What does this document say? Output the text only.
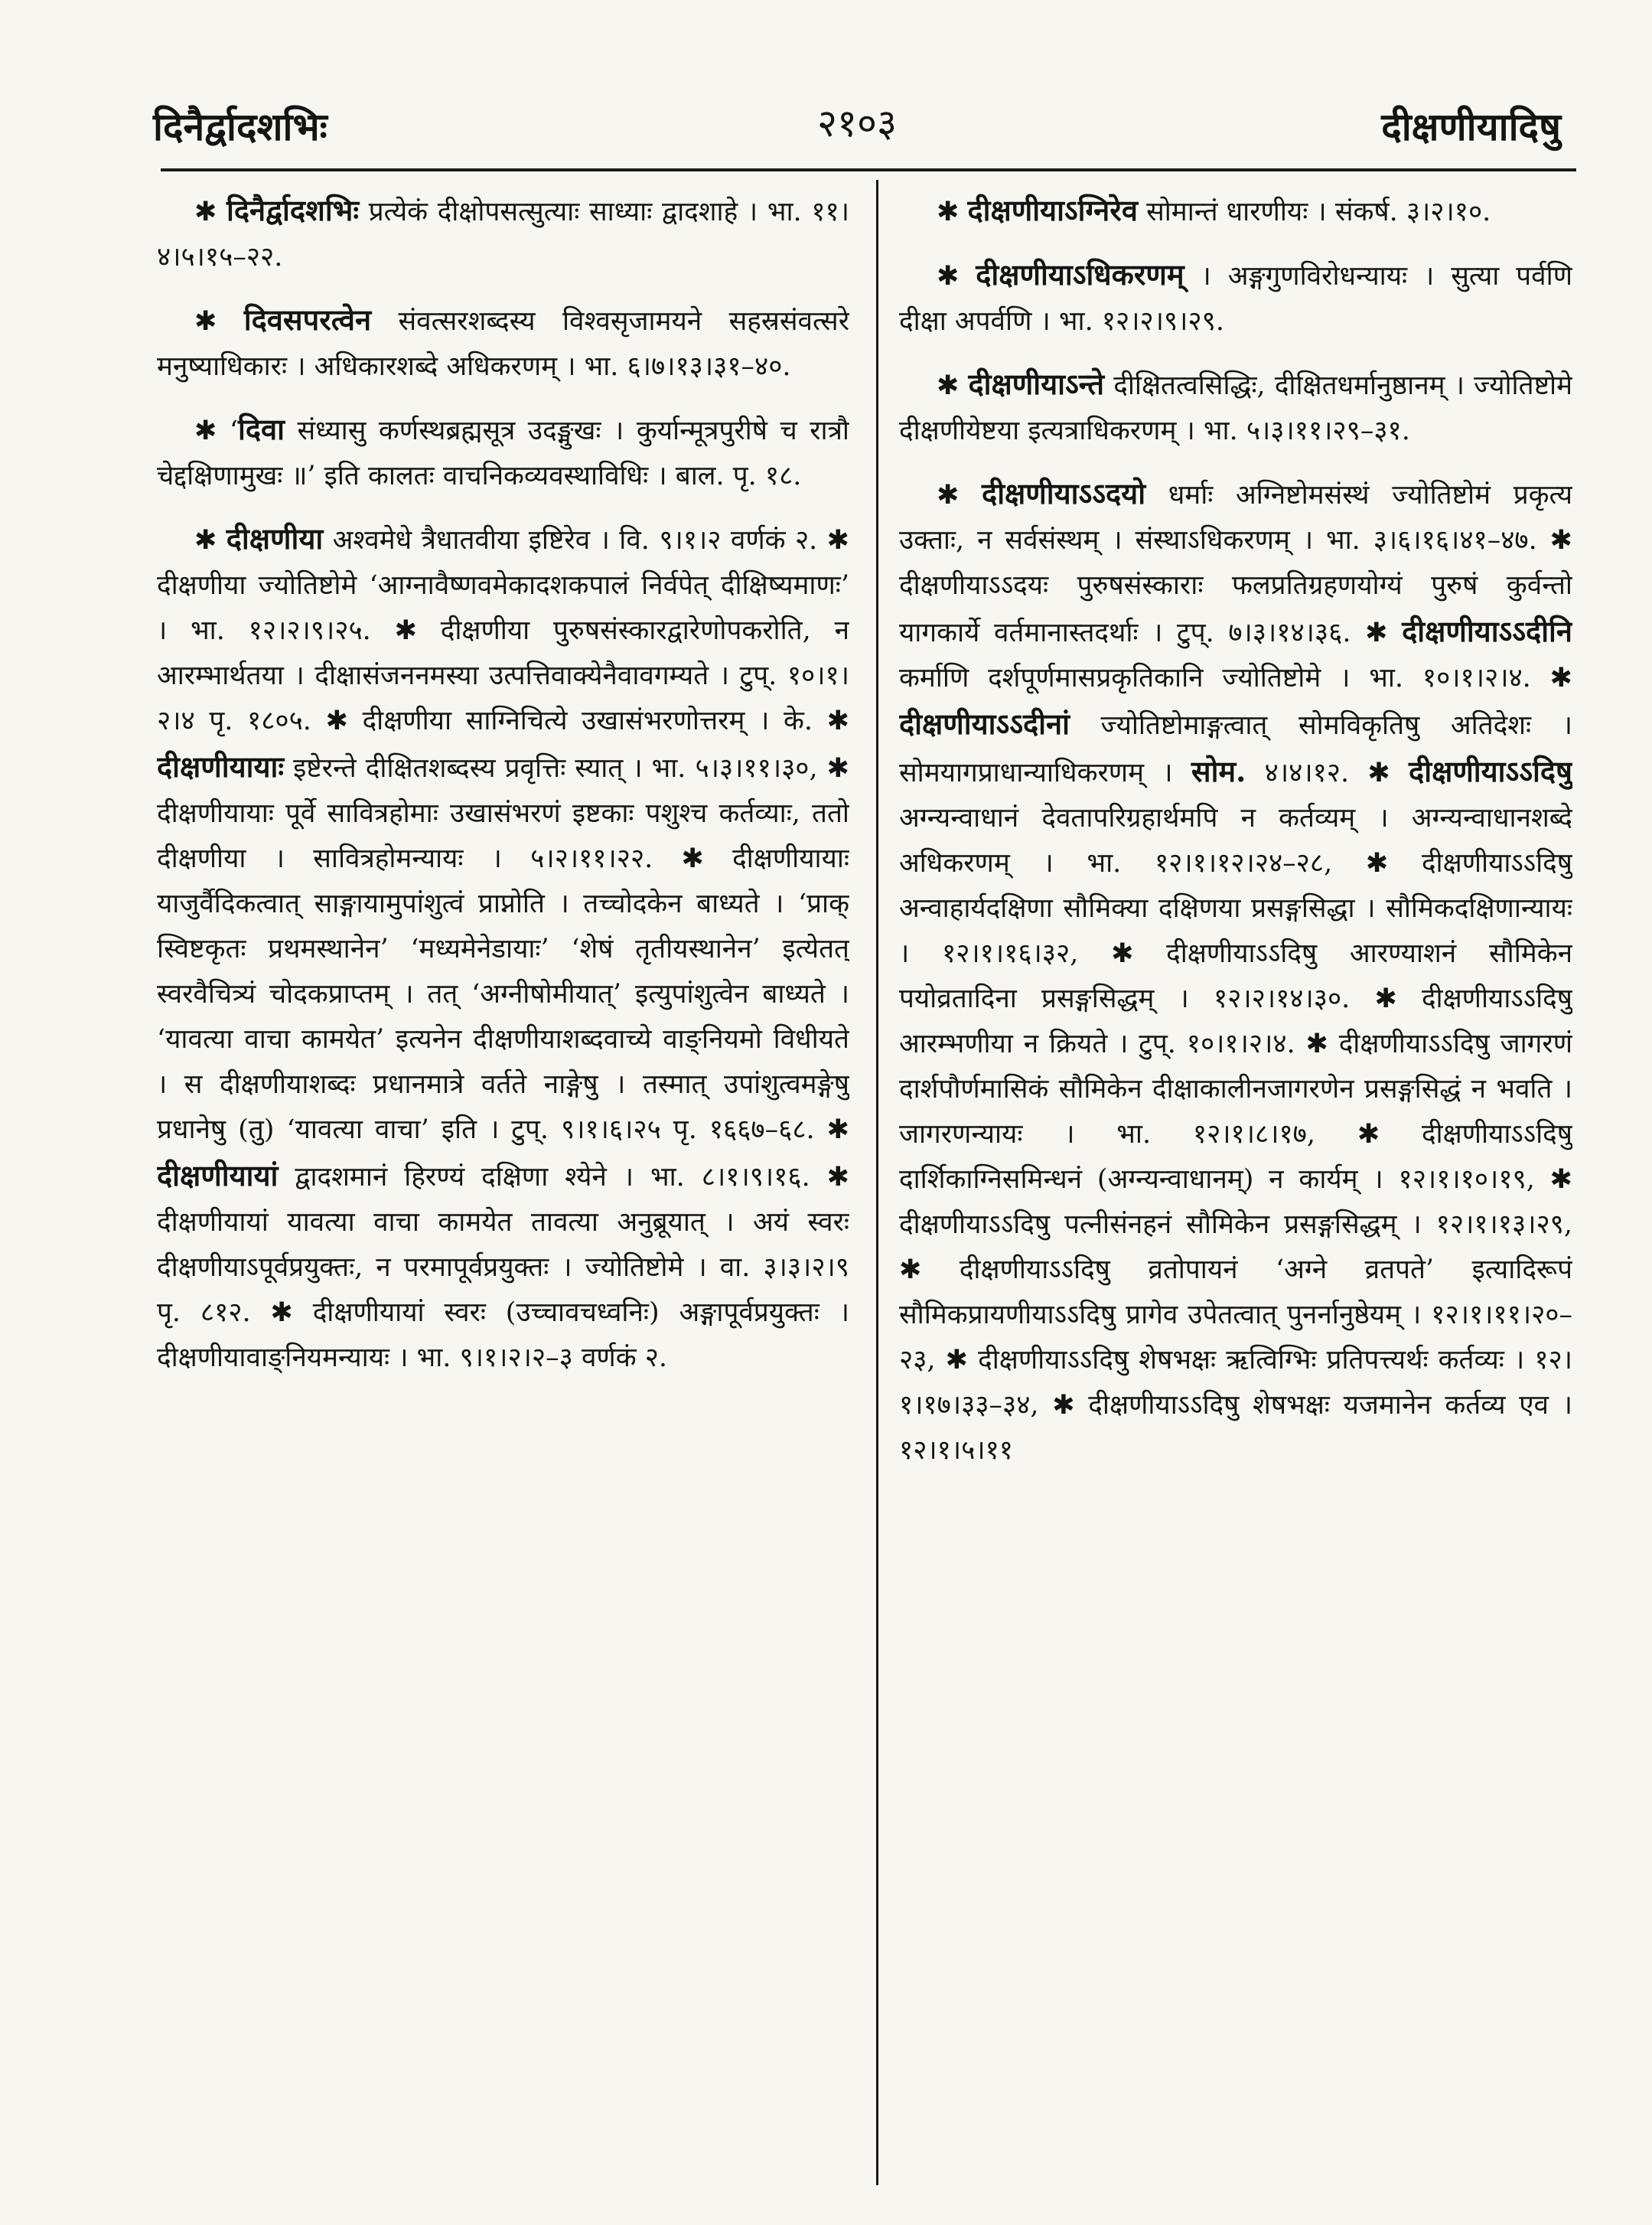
दिनैर्द्वादशभिः	२१०३	दीक्षणीयादिषु

✱ दिनैर्द्वादशभिः प्रत्येकं दीक्षोपसत्सुत्याः साध्याः द्वादशाहे । भा. ११।४।५।१५–२२.

✱ दिवसपरत्वेन संवत्सरशब्दस्य विश्वसृजामयने सहस्रसंवत्सरे मनुष्याधिकारः । अधिकारशब्दे अधिकरणम् । भा. ६।७।१३।३१–४०.

✱ ‘दिवा संध्यासु कर्णस्थब्रह्मसूत्र उदङ्मुखः । कुर्यान्मूत्रपुरीषे च रात्रौ चेद्दक्षिणामुखः ॥’ इति कालतः वाचनिकव्यवस्थाविधिः । बाल. पृ. १८.

✱ दीक्षणीया अश्वमेधे त्रैधातवीया इष्टिरेव । वि. ९।१।२ वर्णकं २. ✱ दीक्षणीया ज्योतिष्टोमे ‘आग्नावैष्णवमेकादशकपालं निर्वपेत् दीक्षिष्यमाणः’ । भा. १२।२।९।२५. ✱ दीक्षणीया पुरुषसंस्कारद्वारेणोपकरोति, न आरम्भार्थतया । दीक्षासंजननमस्या उत्पत्तिवाक्येनैवावगम्यते । टुप्. १०।१।२।४ पृ. १८०५. ✱ दीक्षणीया साग्निचित्ये उखासंभरणोत्तरम् । के. ✱ दीक्षणीयायाः इष्टेरन्ते दीक्षितशब्दस्य प्रवृत्तिः स्यात् । भा. ५।३।११।३०, ✱ दीक्षणीयायाः पूर्वे सावित्रहोमाः उखासंभरणं इष्टकाः पशुश्च कर्तव्याः, ततो दीक्षणीया । सावित्रहोमन्यायः । ५।२।११।२२. ✱ दीक्षणीयायाः याजुर्वैदिकत्वात् साङ्गायामुपांशुत्वं प्राप्नोति । तच्चोदकेन बाध्यते । ‘प्राक् स्विष्टकृतः प्रथमस्थानेन’ ‘मध्यमेनेडायाः’ ‘शेषं तृतीयस्थानेन’ इत्येतत् स्वरवैचित्र्यं चोदकप्राप्तम् । तत् ‘अग्नीषोमीयात्’ इत्युपांशुत्वेन बाध्यते । ‘यावत्या वाचा कामयेत’ इत्यनेन दीक्षणीयाशब्दवाच्ये वाङ्नियमो विधीयते । स दीक्षणीयाशब्दः प्रधानमात्रे वर्तते नाङ्गेषु । तस्मात् उपांशुत्वमङ्गेषु प्रधानेषु (तु) ‘यावत्या वाचा’ इति । टुप्. ९।१।६।२५ पृ. १६६७–६८. ✱ दीक्षणीयायां द्वादशमानं हिरण्यं दक्षिणा श्येने । भा. ८।१।९।१६. ✱ दीक्षणीयायां यावत्या वाचा कामयेत तावत्या अनुब्रूयात् । अयं स्वरः दीक्षणीयाऽपूर्वप्रयुक्तः, न परमापूर्वप्रयुक्तः । ज्योतिष्टोमे । वा. ३।३।२।९ पृ. ८१२. ✱ दीक्षणीयायां स्वरः (उच्चावचध्वनिः) अङ्गापूर्वप्रयुक्तः । दीक्षणीयावाङ्नियमन्यायः । भा. ९।१।२।२–३ वर्णकं २.

✱ दीक्षणीयाऽग्निरेव सोमान्तं धारणीयः । संकर्ष. ३।२।१०.

✱ दीक्षणीयाऽधिकरणम् । अङ्गगुणविरोधन्यायः । सुत्या पर्वणि दीक्षा अपर्वणि । भा. १२।२।९।२९.

✱ दीक्षणीयाऽन्ते दीक्षितत्वसिद्धिः, दीक्षितधर्मानुष्ठानम् । ज्योतिष्टोमे दीक्षणीयेष्टया इत्यत्राधिकरणम् । भा. ५।३।११।२९–३१.

✱ दीक्षणीयाऽऽदयो धर्माः अग्निष्टोमसंस्थं ज्योतिष्टोमं प्रकृत्य उक्ताः, न सर्वसंस्थम् । संस्थाऽधिकरणम् । भा. ३।६।१६।४१–४७. ✱ दीक्षणीयाऽऽदयः पुरुषसंस्काराः फलप्रतिग्रहणयोग्यं पुरुषं कुर्वन्तो यागकार्ये वर्तमानास्तदर्थाः । टुप्. ७।३।१४।३६. ✱ दीक्षणीयाऽऽदीनि कर्माणि दर्शपूर्णमासप्रकृतिकानि ज्योतिष्टोमे । भा. १०।१।२।४. ✱ दीक्षणीयाऽऽदीनां ज्योतिष्टोमाङ्गत्वात् सोमविकृतिषु अतिदेशः । सोमयागप्राधान्याधिकरणम् । सोम. ४।४।१२. ✱ दीक्षणीयाऽऽदिषु अग्न्यन्वाधानं देवतापरिग्रहार्थमपि न कर्तव्यम् । अग्न्यन्वाधानशब्दे अधिकरणम् । भा. १२।१।१२।२४–२८, ✱ दीक्षणीयाऽऽदिषु अन्वाहार्यदक्षिणा सौमिक्या दक्षिणया प्रसङ्गसिद्धा । सौमिकदक्षिणान्यायः । १२।१।१६।३२, ✱ दीक्षणीयाऽऽदिषु आरण्याशनं सौमिकेन पयोव्रतादिना प्रसङ्गसिद्धम् । १२।२।१४।३०. ✱ दीक्षणीयाऽऽदिषु आरम्भणीया न क्रियते । टुप्. १०।१।२।४. ✱ दीक्षणीयाऽऽदिषु जागरणं दार्शपौर्णमासिकं सौमिकेन दीक्षाकालीनजागरणेन प्रसङ्गसिद्धं न भवति । जागरणन्यायः । भा. १२।१।८।१७, ✱ दीक्षणीयाऽऽदिषु दार्शिकाग्निसमिन्धनं (अग्न्यन्वाधानम्) न कार्यम् । १२।१।१०।१९, ✱ दीक्षणीयाऽऽदिषु पत्नीसंनहनं सौमिकेन प्रसङ्गसिद्धम् । १२।१।१३।२९, ✱ दीक्षणीयाऽऽदिषु व्रतोपायनं ‘अग्ने व्रतपते’ इत्यादिरूपं सौमिकप्रायणीयाऽऽदिषु प्रागेव उपेतत्वात् पुनर्नानुष्ठेयम् । १२।१।११।२०–२३, ✱ दीक्षणीयाऽऽदिषु शेषभक्षः ऋत्विग्भिः प्रतिपत्त्यर्थः कर्तव्यः । १२।१।१७।३३–३४, ✱ दीक्षणीयाऽऽदिषु शेषभक्षः यजमानेन कर्तव्य एव । १२।१।५।११
